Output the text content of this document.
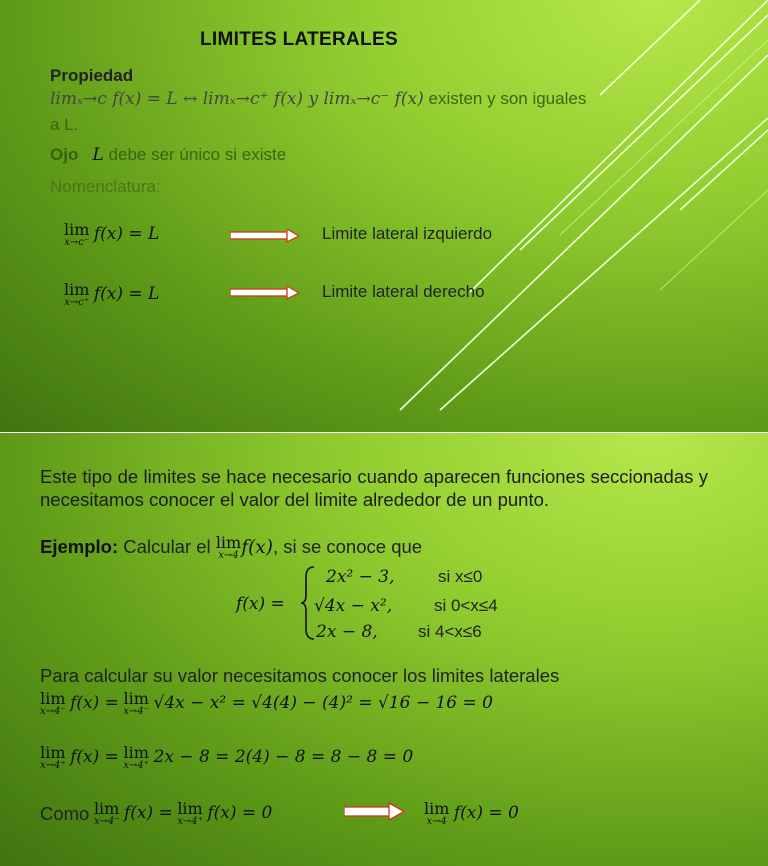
LIMITES LATERALES
Propiedad
limₓ→c f(x) = L ↔ limₓ→c⁺ f(x) y limₓ→c⁻ f(x) existen y son iguales
a L.
Ojo L debe ser único si existe
Nomenclatura:
lim
x→c⁻ f(x) = L	Limite lateral izquierdo
lim
x→c⁺ f(x) = L	Limite lateral derecho
Este tipo de limites se hace necesario cuando aparecen funciones seccionadas y necesitamos conocer el valor del limite alrededor de un punto.
Ejemplo: Calcular el lim
x→4 f(x), si se conoce que
f(x) =
2x² − 3,	si x≤0
√4x − x², si 0<x≤4
2x − 8, si 4<x≤6
Para calcular su valor necesitamos conocer los limites laterales
lim
x→4⁻ f(x) = lim
x→4⁻ √4x − x² = √4(4) − (4)² = √16 − 16 = 0
lim
x→4⁺ f(x) = lim
x→4⁺ 2x − 8 = 2(4) − 8 = 8 − 8 = 0
Como lim
x→4⁻ f(x) = lim
x→4⁺ f(x) = 0	lim
x→4 f(x) = 0
